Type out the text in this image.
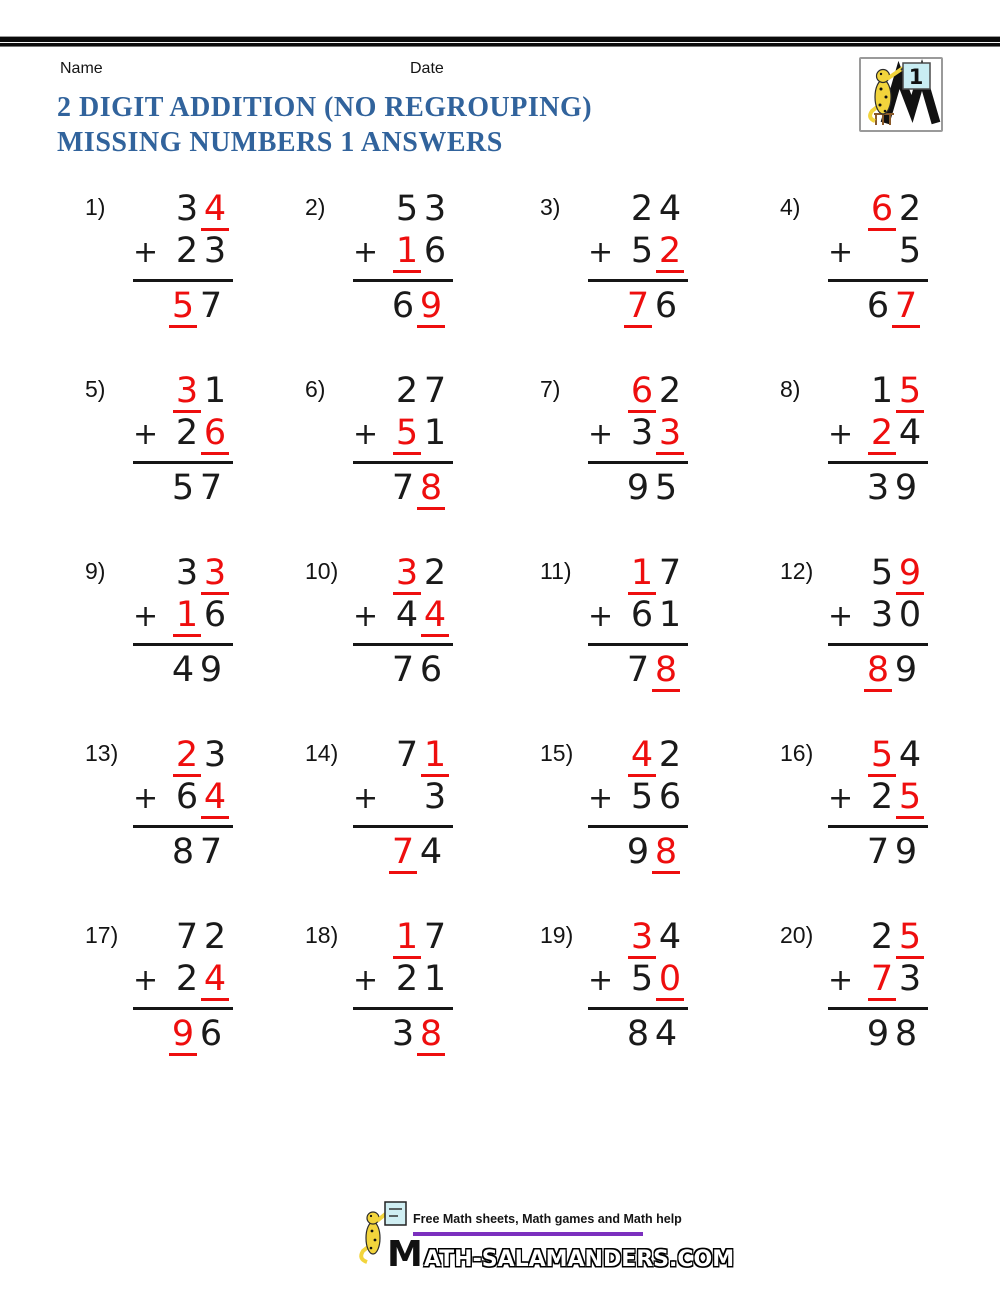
Name	Date	1
2 DIGIT ADDITION (NO REGROUPING)
MISSING NUMBERS 1 ANSWERS
1)	3 4
+ 2 3
5 7
2)	5 3
+ 1 6
6 9
3)	2 4
+ 5 2
7 6
4)	6 2
+ 5
6 7
5)	3 1
+ 2 6
5 7
6)	2 7
+ 5 1
7 8
7)	6 2
+ 3 3
9 5
8)	1 5
+ 2 4
3 9
9)	3 3
+ 1 6
4 9
10)	3 2
+ 4 4
7 6
11)	1 7
+ 6 1
7 8
12)	5 9
+ 3 0
8 9
13)	2 3
+ 6 4
8 7
14)	7 1
+ 3
7 4
15)	4 2
+ 5 6
9 8
16)	5 4
+ 2 5
7 9
17)	7 2
+ 2 4
9 6
18)	1 7
+ 2 1
3 8
19)	3 4
+ 5 0
8 4
20)	2 5
+ 7 3
9 8
Free Math sheets, Math games and Math help
MATH-SALAMANDERS.COM
